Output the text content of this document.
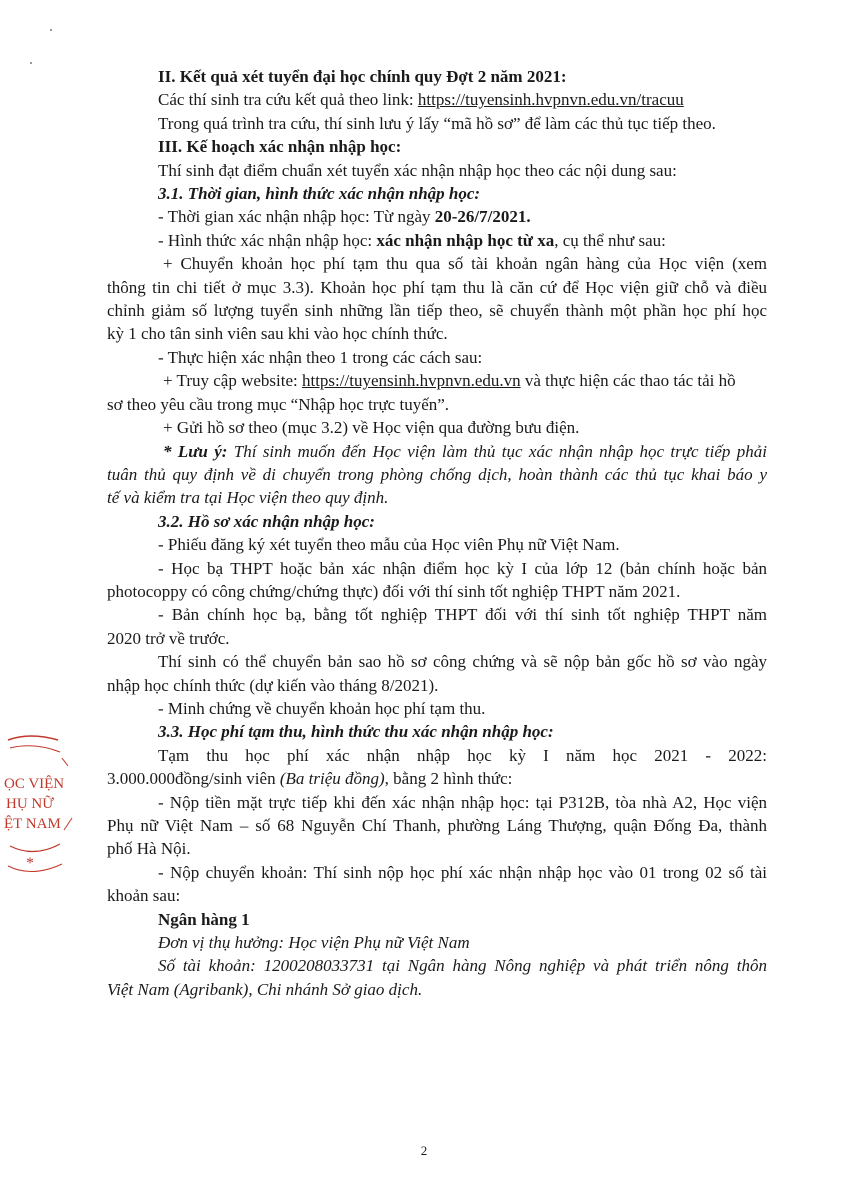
ỌC VIỆN
HỤ NỮ
ỆT NAM
*
II. Kết quả xét tuyển đại học chính quy Đợt 2 năm 2021:
Các thí sinh tra cứu kết quả theo link: https://tuyensinh.hvpnvn.edu.vn/tracuu
Trong quá trình tra cứu, thí sinh lưu ý lấy “mã hồ sơ” để làm các thủ tục tiếp theo.
III. Kế hoạch xác nhận nhập học:
Thí sinh đạt điểm chuẩn xét tuyển xác nhận nhập học theo các nội dung sau:
3.1. Thời gian, hình thức xác nhận nhập học:
- Thời gian xác nhận nhập học: Từ ngày 20-26/7/2021.
- Hình thức xác nhận nhập học: xác nhận nhập học từ xa, cụ thể như sau:
+ Chuyển khoản học phí tạm thu qua số tài khoản ngân hàng của Học viện (xem
thông tin chi tiết ở mục 3.3). Khoản học phí tạm thu là căn cứ để Học viện giữ chỗ và điều
chỉnh giảm số lượng tuyển sinh những lần tiếp theo, sẽ chuyển thành một phần học phí học
kỳ 1 cho tân sinh viên sau khi vào học chính thức.
- Thực hiện xác nhận theo 1 trong các cách sau:
+ Truy cập website: https://tuyensinh.hvpnvn.edu.vn và thực hiện các thao tác tải hồ
sơ theo yêu cầu trong mục “Nhập học trực tuyến”.
+ Gửi hồ sơ theo (mục 3.2) về Học viện qua đường bưu điện.
* Lưu ý: Thí sinh muốn đến Học viện làm thủ tục xác nhận nhập học trực tiếp phải
tuân thủ quy định về di chuyển trong phòng chống dịch, hoàn thành các thủ tục khai báo y
tế và kiểm tra tại Học viện theo quy định.
3.2. Hồ sơ xác nhận nhập học:
- Phiếu đăng ký xét tuyển theo mẫu của Học viên Phụ nữ Việt Nam.
- Học bạ THPT hoặc bản xác nhận điểm học kỳ I của lớp 12 (bản chính hoặc bản
photocoppy có công chứng/chứng thực) đối với thí sinh tốt nghiệp THPT năm 2021.
- Bản chính học bạ, bằng tốt nghiệp THPT đối với thí sinh tốt nghiệp THPT năm
2020 trở về trước.
Thí sinh có thể chuyển bản sao hồ sơ công chứng và sẽ nộp bản gốc hồ sơ vào ngày
nhập học chính thức (dự kiến vào tháng 8/2021).
- Minh chứng về chuyển khoản học phí tạm thu.
3.3. Học phí tạm thu, hình thức thu xác nhận nhập học:
Tạm thu học phí xác nhận nhập học kỳ I năm học 2021 - 2022:
3.000.000đồng/sinh viên (Ba triệu đồng), bằng 2 hình thức:
- Nộp tiền mặt trực tiếp khi đến xác nhận nhập học: tại P312B, tòa nhà A2, Học viện
Phụ nữ Việt Nam – số 68 Nguyễn Chí Thanh, phường Láng Thượng, quận Đống Đa, thành
phố Hà Nội.
- Nộp chuyển khoản: Thí sinh nộp học phí xác nhận nhập học vào 01 trong 02 số tài
khoản sau:
Ngân hàng 1
Đơn vị thụ hưởng: Học viện Phụ nữ Việt Nam
Số tài khoản: 1200208033731 tại Ngân hàng Nông nghiệp và phát triển nông thôn
Việt Nam (Agribank), Chi nhánh Sở giao dịch.
2
